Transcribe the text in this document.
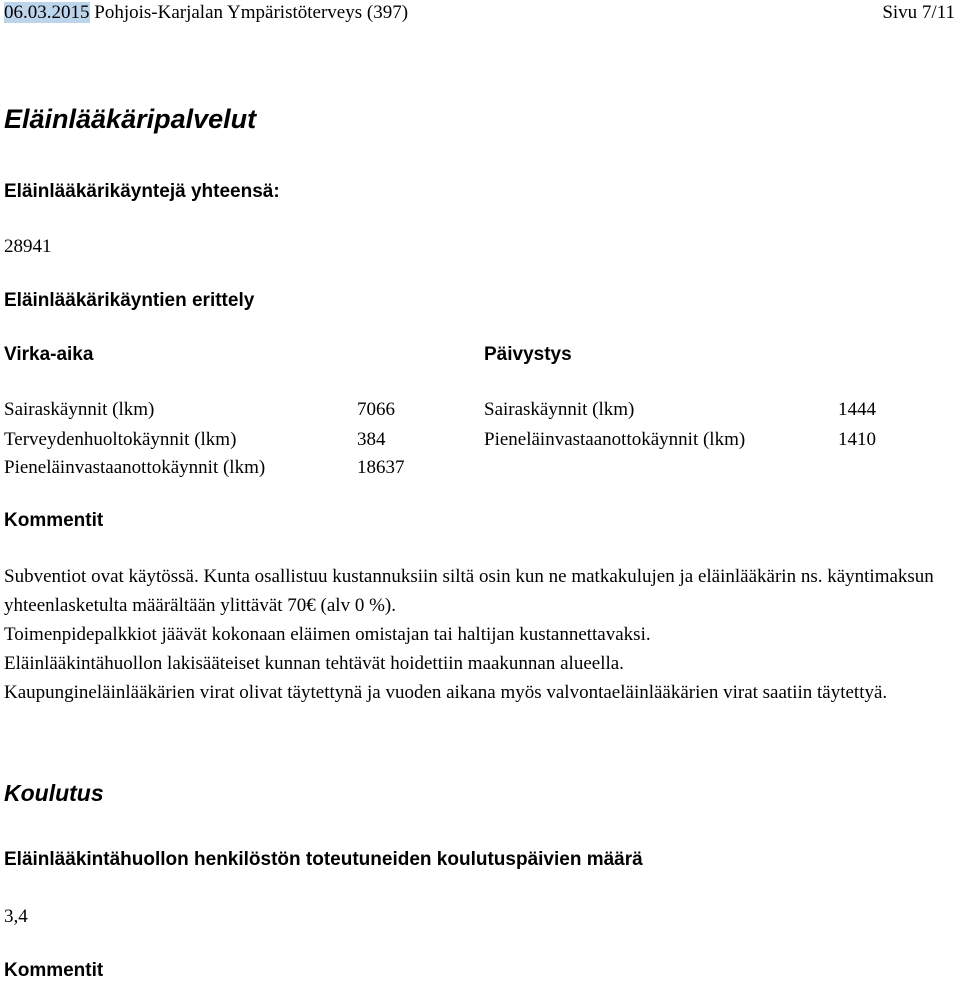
06.03.2015 Pohjois-Karjalan Ympäristöterveys (397)	Sivu 7/11
Eläinlääkäripalvelut
Eläinlääkärikäyntejä yhteensä:
28941
Eläinlääkärikäyntien erittely
Virka-aika	Päivystys
Sairaskäynnit (lkm)	7066
Terveydenhuoltokäynnit (lkm)	384
Pieneläinvastaanottokäynnit (lkm)	18637
Sairaskäynnit (lkm)	1444
Pieneläinvastaanottokäynnit (lkm)	1410
Kommentit
Subventiot ovat käytössä. Kunta osallistuu kustannuksiin siltä osin kun ne matkakulujen ja eläinlääkärin ns. käyntimaksun yhteenlasketulta määrältään ylittävät 70€ (alv 0 %).
Toimenpidepalkkiot jäävät kokonaan eläimen omistajan tai haltijan kustannettavaksi.
Eläinlääkintähuollon lakisääteiset kunnan tehtävät hoidettiin maakunnan alueella.
Kaupungineläinlääkärien virat olivat täytettynä ja vuoden aikana myös valvontaeläinlääkärien virat saatiin täytettyä.
Koulutus
Eläinlääkintähuollon henkilöstön toteutuneiden koulutuspäivien määrä
3,4
Kommentit
